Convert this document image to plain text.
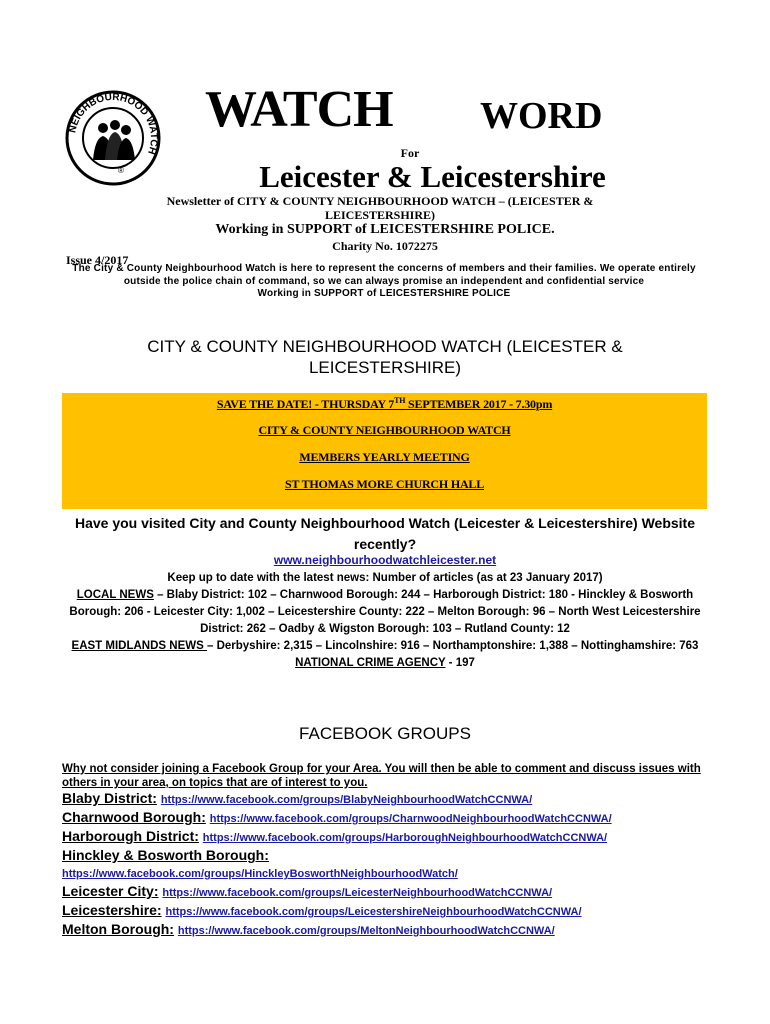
NEIGHBOURHOOD WATCH
®
WATCH WORD
For
Leicester & Leicestershire
Newsletter of CITY & COUNTY NEIGHBOURHOOD WATCH – (LEICESTER & LEICESTERSHIRE)
Working in SUPPORT of LEICESTERSHIRE POLICE.
Charity No. 1072275
Issue 4/2017
The City & County Neighbourhood Watch is here to represent the concerns of members and their families. We operate entirely outside the police chain of command, so we can always promise an independent and confidential service
Working in SUPPORT of LEICESTERSHIRE POLICE
CITY & COUNTY NEIGHBOURHOOD WATCH (LEICESTER & LEICESTERSHIRE)
SAVE THE DATE! - THURSDAY 7TH SEPTEMBER 2017 - 7.30pm
CITY & COUNTY NEIGHBOURHOOD WATCH
MEMBERS YEARLY MEETING
ST THOMAS MORE CHURCH HALL
Have you visited City and County Neighbourhood Watch (Leicester & Leicestershire) Website recently?
www.neighbourhoodwatchleicester.net
Keep up to date with the latest news: Number of articles (as at 23 January 2017)
LOCAL NEWS – Blaby District: 102 – Charnwood Borough: 244 – Harborough District: 180 - Hinckley & Bosworth Borough: 206 - Leicester City: 1,002 – Leicestershire County: 222 – Melton Borough: 96 – North West Leicestershire District: 262 – Oadby & Wigston Borough: 103 – Rutland County: 12
EAST MIDLANDS NEWS – Derbyshire: 2,315 – Lincolnshire: 916 – Northamptonshire: 1,388 – Nottinghamshire: 763
NATIONAL CRIME AGENCY - 197
FACEBOOK GROUPS
Why not consider joining a Facebook Group for your Area. You will then be able to comment and discuss issues with others in your area, on topics that are of interest to you.
Blaby District: https://www.facebook.com/groups/BlabyNeighbourhoodWatchCCNWA/
Charnwood Borough: https://www.facebook.com/groups/CharnwoodNeighbourhoodWatchCCNWA/
Harborough District: https://www.facebook.com/groups/HarboroughNeighbourhoodWatchCCNWA/
Hinckley & Bosworth Borough:
https://www.facebook.com/groups/HinckleyBosworthNeighbourhoodWatch/
Leicester City: https://www.facebook.com/groups/LeicesterNeighbourhoodWatchCCNWA/
Leicestershire: https://www.facebook.com/groups/LeicestershireNeighbourhoodWatchCCNWA/
Melton Borough: https://www.facebook.com/groups/MeltonNeighbourhoodWatchCCNWA/
